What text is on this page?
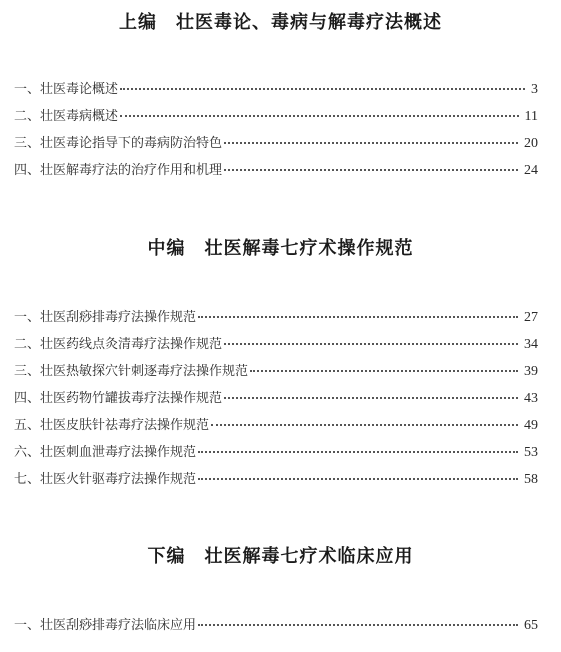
上编　壮医毒论、毒病与解毒疗法概述
一、壮医毒论概述	3
二、壮医毒病概述	11
三、壮医毒论指导下的毒病防治特色	20
四、壮医解毒疗法的治疗作用和机理	24
中编　壮医解毒七疗术操作规范
一、壮医刮痧排毒疗法操作规范	27
二、壮医药线点灸清毒疗法操作规范	34
三、壮医热敏探穴针刺逐毒疗法操作规范	39
四、壮医药物竹罐拔毒疗法操作规范	43
五、壮医皮肤针祛毒疗法操作规范	49
六、壮医刺血泄毒疗法操作规范	53
七、壮医火针驱毒疗法操作规范	58
下编　壮医解毒七疗术临床应用
一、壮医刮痧排毒疗法临床应用	65
